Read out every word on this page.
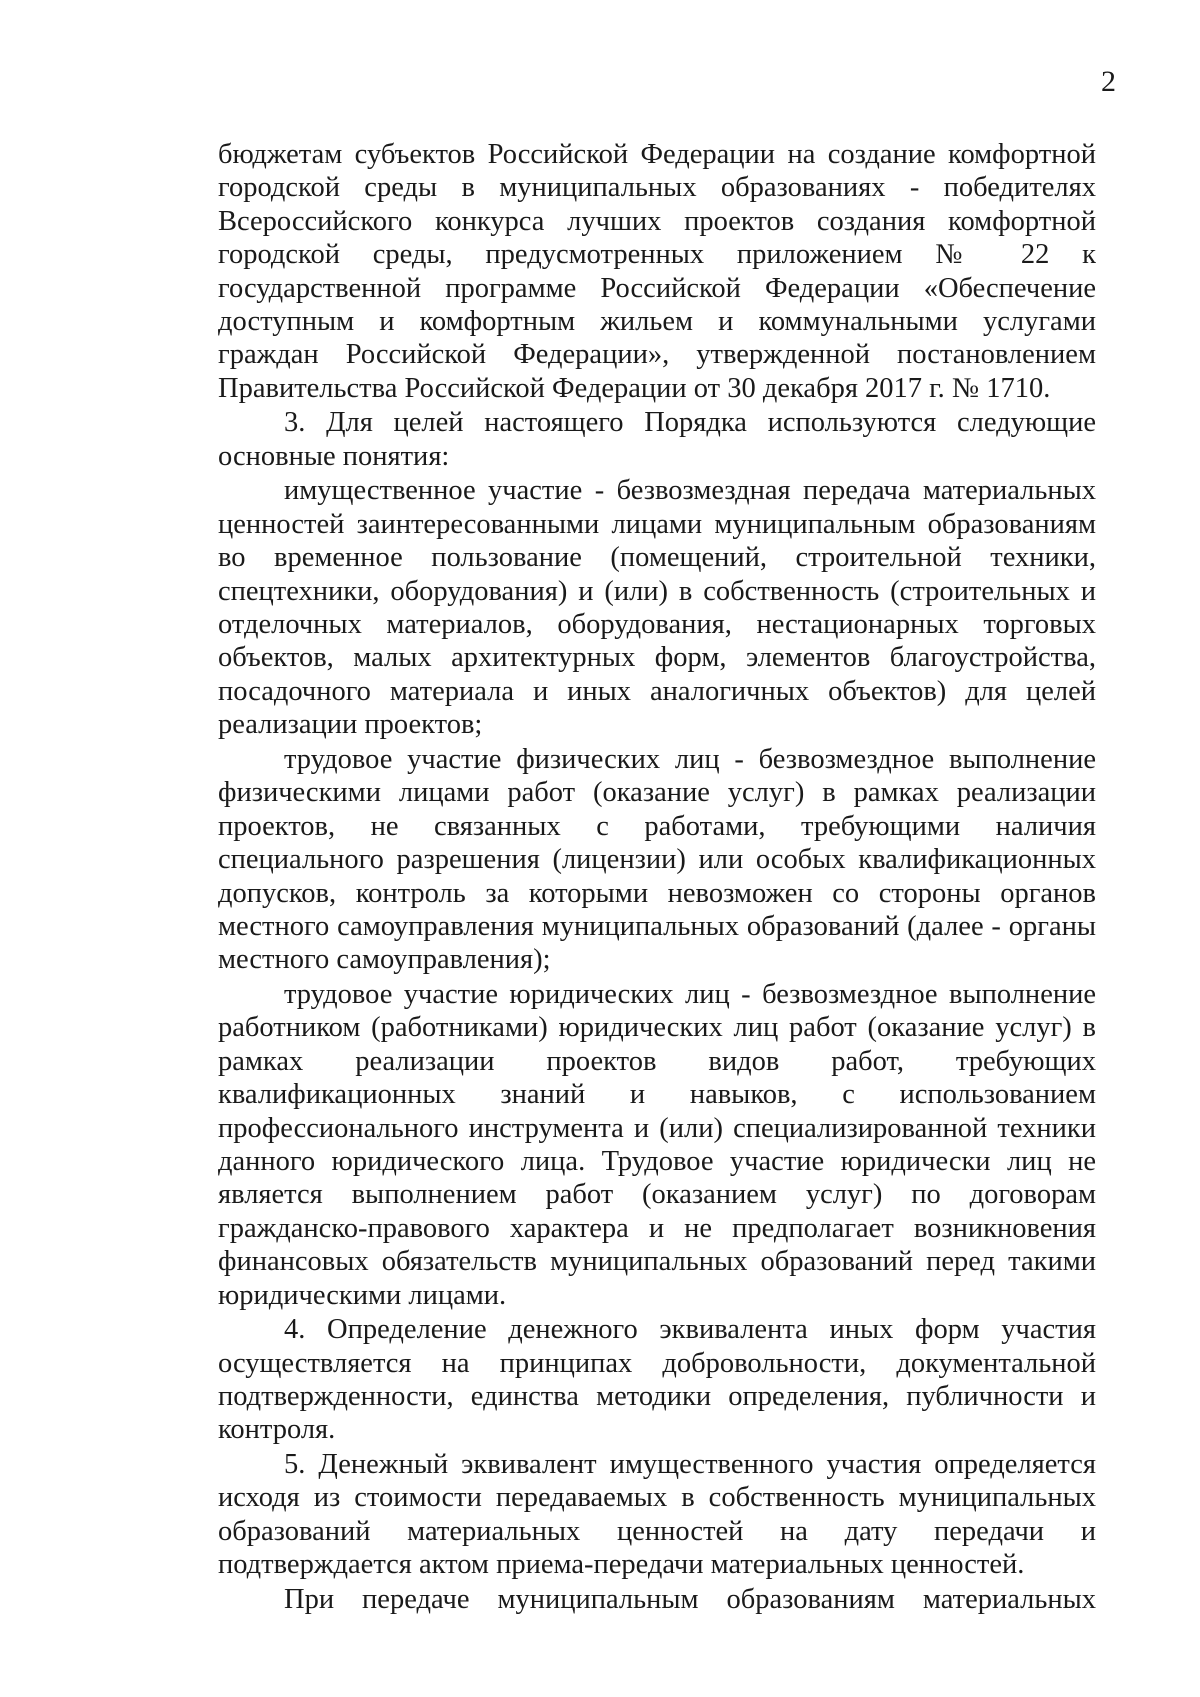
2

бюджетам субъектов Российской Федерации на создание комфортной городской среды в муниципальных образованиях - победителях Всероссийского конкурса лучших проектов создания комфортной городской среды, предусмотренных приложением № 22 к государственной программе Российской Федерации «Обеспечение доступным и комфортным жильем и коммунальными услугами граждан Российской Федерации», утвержденной постановлением Правительства Российской Федерации от 30 декабря 2017 г. № 1710.

3. Для целей настоящего Порядка используются следующие основные понятия:

имущественное участие - безвозмездная передача материальных ценностей заинтересованными лицами муниципальным образованиям во временное пользование (помещений, строительной техники, спецтехники, оборудования) и (или) в собственность (строительных и отделочных материалов, оборудования, нестационарных торговых объектов, малых архитектурных форм, элементов благоустройства, посадочного материала и иных аналогичных объектов) для целей реализации проектов;

трудовое участие физических лиц - безвозмездное выполнение физическими лицами работ (оказание услуг) в рамках реализации проектов, не связанных с работами, требующими наличия специального разрешения (лицензии) или особых квалификационных допусков, контроль за которыми невозможен со стороны органов местного самоуправления муниципальных образований (далее - органы местного самоуправления);

трудовое участие юридических лиц - безвозмездное выполнение работником (работниками) юридических лиц работ (оказание услуг) в рамках реализации проектов видов работ, требующих квалификационных знаний и навыков, с использованием профессионального инструмента и (или) специализированной техники данного юридического лица. Трудовое участие юридически лиц не является выполнением работ (оказанием услуг) по договорам гражданско-правового характера и не предполагает возникновения финансовых обязательств муниципальных образований перед такими юридическими лицами.

4. Определение денежного эквивалента иных форм участия осуществляется на принципах добровольности, документальной подтвержденности, единства методики определения, публичности и контроля.

5. Денежный эквивалент имущественного участия определяется исходя из стоимости передаваемых в собственность муниципальных образований материальных ценностей на дату передачи и подтверждается актом приема-передачи материальных ценностей.

При передаче муниципальным образованиям материальных
